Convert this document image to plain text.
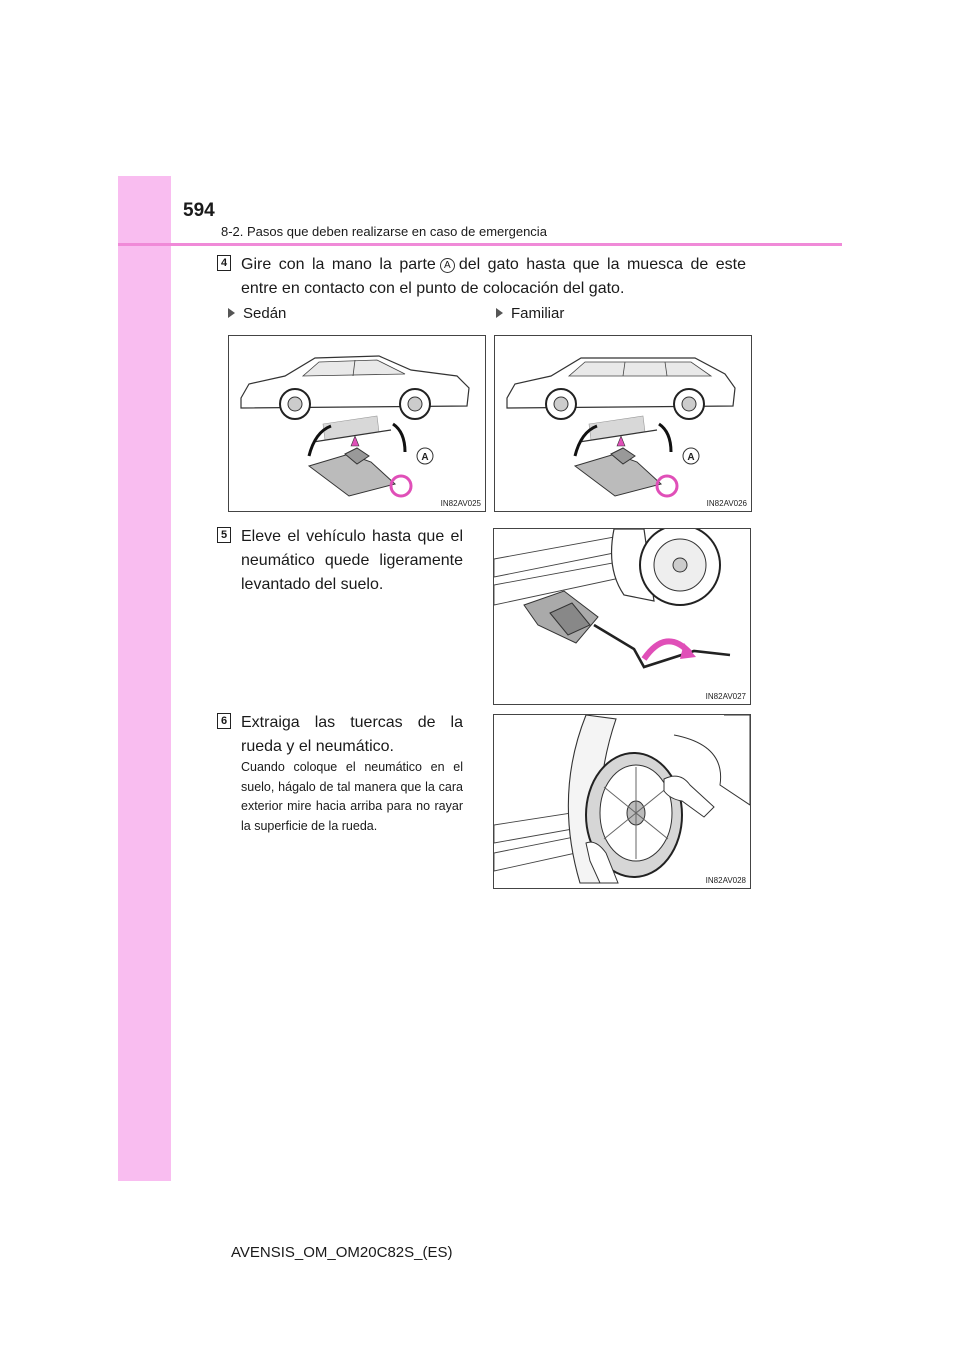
594
8-2. Pasos que deben realizarse en caso de emergencia
4 Gire con la mano la parte A del gato hasta que la muesca de este entre en contacto con el punto de colocación del gato.
Sedán	Familiar
A
IN82AV025
A
IN82AV026
5 Eleve el vehículo hasta que el neumático quede ligeramente levantado del suelo.
IN82AV027
6 Extraiga las tuercas de la rueda y el neumático.
Cuando coloque el neumático en el suelo, hágalo de tal manera que la cara exterior mire hacia arriba para no rayar la superficie de la rueda.
IN82AV028
AVENSIS_OM_OM20C82S_(ES)
